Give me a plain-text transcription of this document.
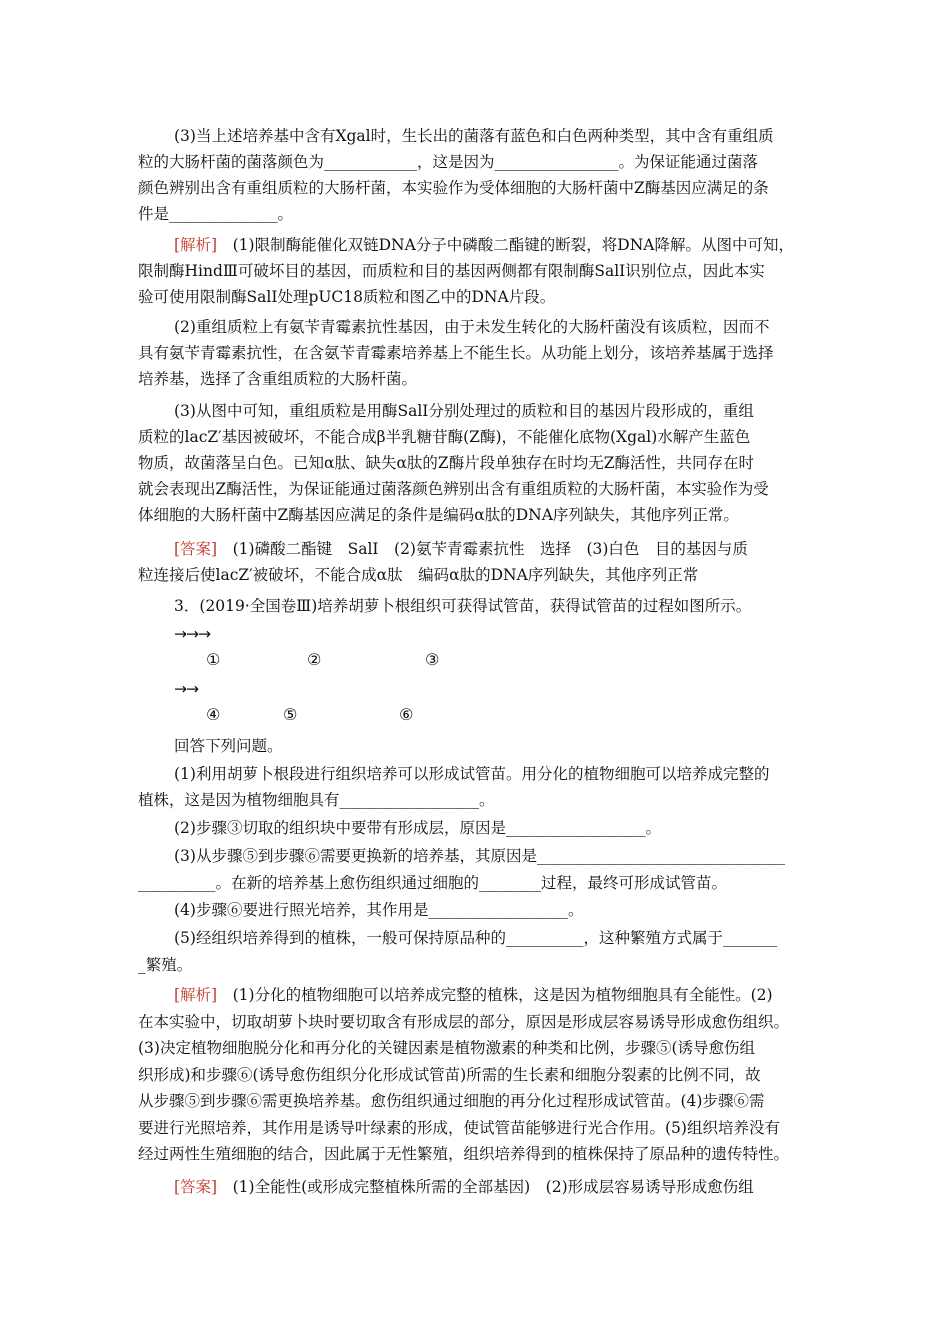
(3)当上述培养基中含有Xgal时，生长出的菌落有蓝色和白色两种类型，其中含有重组质
粒的大肠杆菌的菌落颜色为____________，这是因为________________。为保证能通过菌落
颜色辨别出含有重组质粒的大肠杆菌，本实验作为受体细胞的大肠杆菌中Z酶基因应满足的条
件是______________。
[解析]　 (1)限制酶能催化双链DNA分子中磷酸二酯键的断裂，将DNA降解。从图中可知，
限制酶HindⅢ可破坏目的基因，而质粒和目的基因两侧都有限制酶SalⅠ识别位点，因此本实
验可使用限制酶SalⅠ处理pUC18质粒和图乙中的DNA片段。
(2)重组质粒上有氨苄青霉素抗性基因，由于未发生转化的大肠杆菌没有该质粒，因而不
具有氨苄青霉素抗性，在含氨苄青霉素培养基上不能生长。从功能上划分，该培养基属于选择
培养基，选择了含重组质粒的大肠杆菌。
(3)从图中可知，重组质粒是用酶SalⅠ分别处理过的质粒和目的基因片段形成的，重组
质粒的lacZ′基因被破坏，不能合成β半乳糖苷酶(Z酶)，不能催化底物(Xgal)水解产生蓝色
物质，故菌落呈白色。已知α肽、缺失α肽的Z酶片段单独存在时均无Z酶活性，共同存在时
就会表现出Z酶活性，为保证能通过菌落颜色辨别出含有重组质粒的大肠杆菌，本实验作为受
体细胞的大肠杆菌中Z酶基因应满足的条件是编码α肽的DNA序列缺失，其他序列正常。
[答案]　 (1)磷酸二酯键　SalⅠ　(2)氨苄青霉素抗性　选择　(3)白色　目的基因与质
粒连接后使lacZ′被破坏，不能合成α肽　编码α肽的DNA序列缺失，其他序列正常
3．(2019·全国卷Ⅲ)培养胡萝卜根组织可获得试管苗，获得试管苗的过程如图所示。
→→→
①	②	③
→→
④	⑤	⑥
回答下列问题。
(1)利用胡萝卜根段进行组织培养可以形成试管苗。用分化的植物细胞可以培养成完整的
植株，这是因为植物细胞具有__________________。
(2)步骤③切取的组织块中要带有形成层，原因是__________________。
(3)从步骤⑤到步骤⑥需要更换新的培养基，其原因是________________________________
__________。在新的培养基上愈伤组织通过细胞的________过程，最终可形成试管苗。
(4)步骤⑥要进行照光培养，其作用是__________________。
(5)经组织培养得到的植株，一般可保持原品种的__________，这种繁殖方式属于_______
_繁殖。
[解析]　 (1)分化的植物细胞可以培养成完整的植株，这是因为植物细胞具有全能性。(2)
在本实验中，切取胡萝卜块时要切取含有形成层的部分，原因是形成层容易诱导形成愈伤组织。
(3)决定植物细胞脱分化和再分化的关键因素是植物激素的种类和比例，步骤⑤(诱导愈伤组
织形成)和步骤⑥(诱导愈伤组织分化形成试管苗)所需的生长素和细胞分裂素的比例不同，故
从步骤⑤到步骤⑥需更换培养基。愈伤组织通过细胞的再分化过程形成试管苗。(4)步骤⑥需
要进行光照培养，其作用是诱导叶绿素的形成，使试管苗能够进行光合作用。(5)组织培养没有
经过两性生殖细胞的结合，因此属于无性繁殖，组织培养得到的植株保持了原品种的遗传特性。
[答案]　 (1)全能性(或形成完整植株所需的全部基因)　(2)形成层容易诱导形成愈伤组
